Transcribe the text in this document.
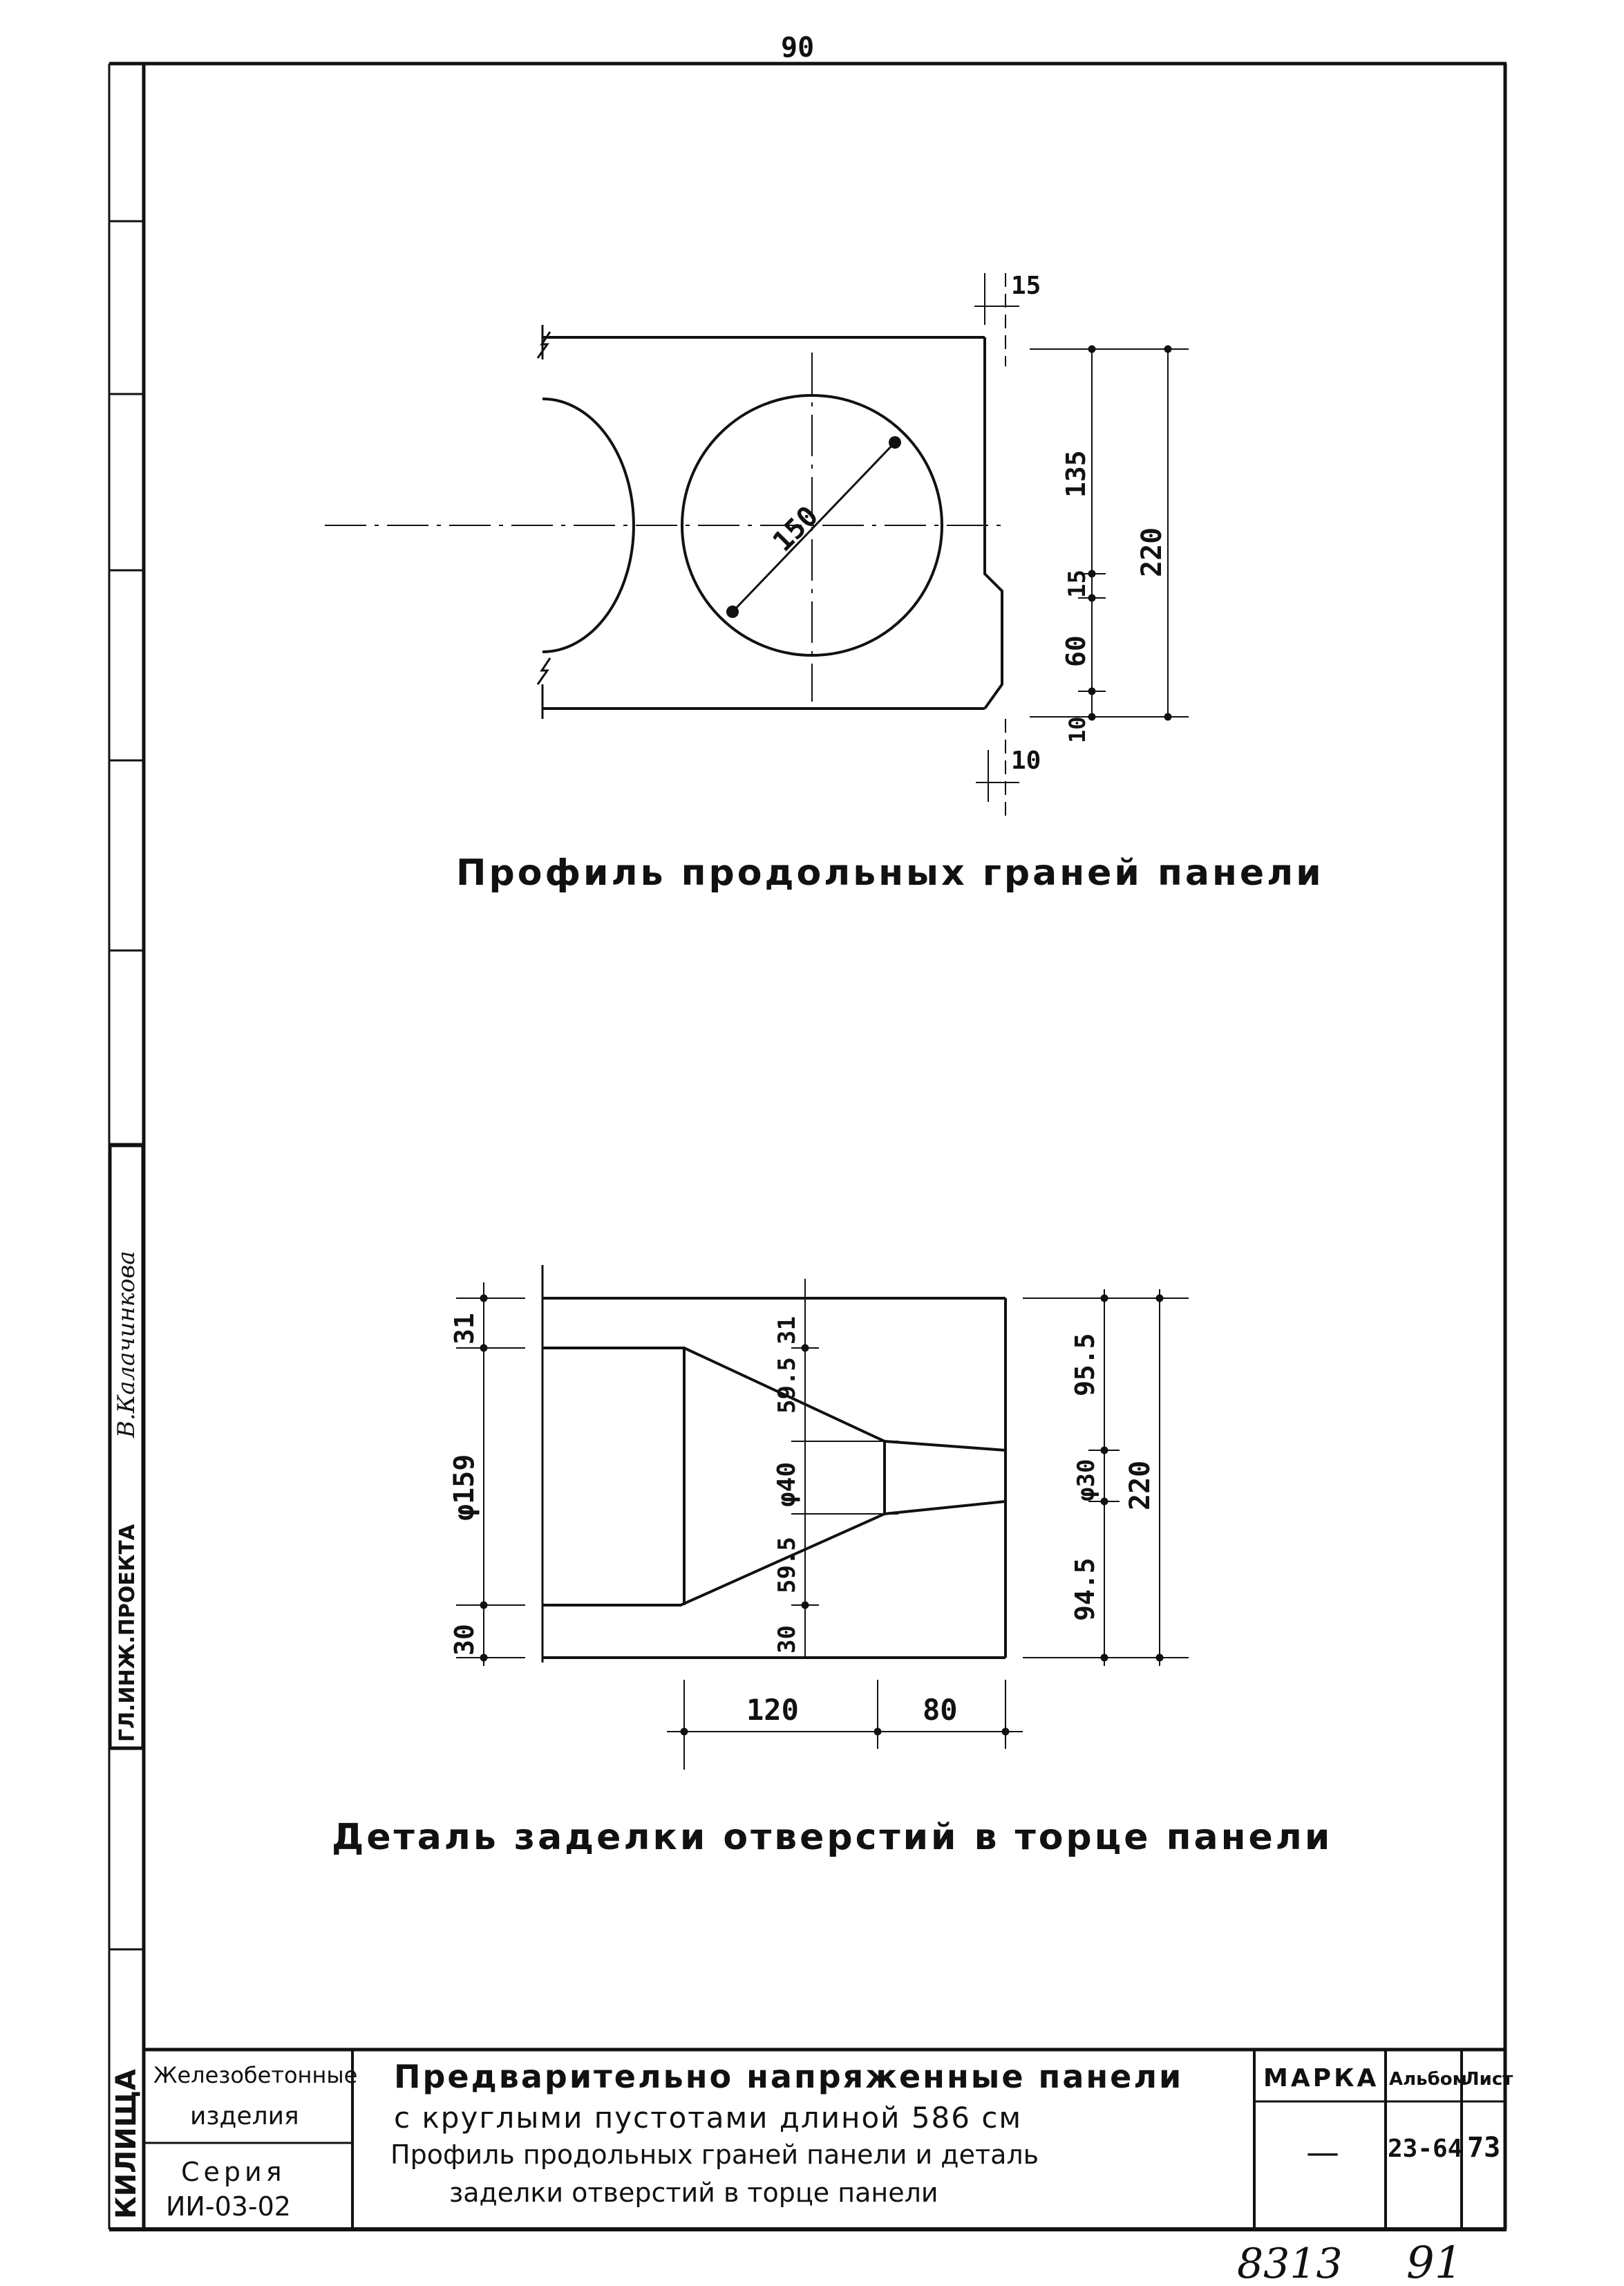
90
ГЛ.ИНЖ.ПРОЕКТА
В.Калачинкова
КИЛИЩА
15
10
150
135
15
60
10
220
Профиль продольных граней панели
31
φ159
30
31
59.5
φ40
59.5
30
95.5
φ30
94.5
220
120	80
Деталь заделки отверстий в торце панели
Железобетонные
изделия
Серия
ИИ-03-02
Предварительно напряженные панели
с круглыми пустотами длиной 586 см
Профиль продольных граней панели и деталь
заделки отверстий в торце панели
МАРКА Альбом
Лист
— 23-64 73
8313 91
